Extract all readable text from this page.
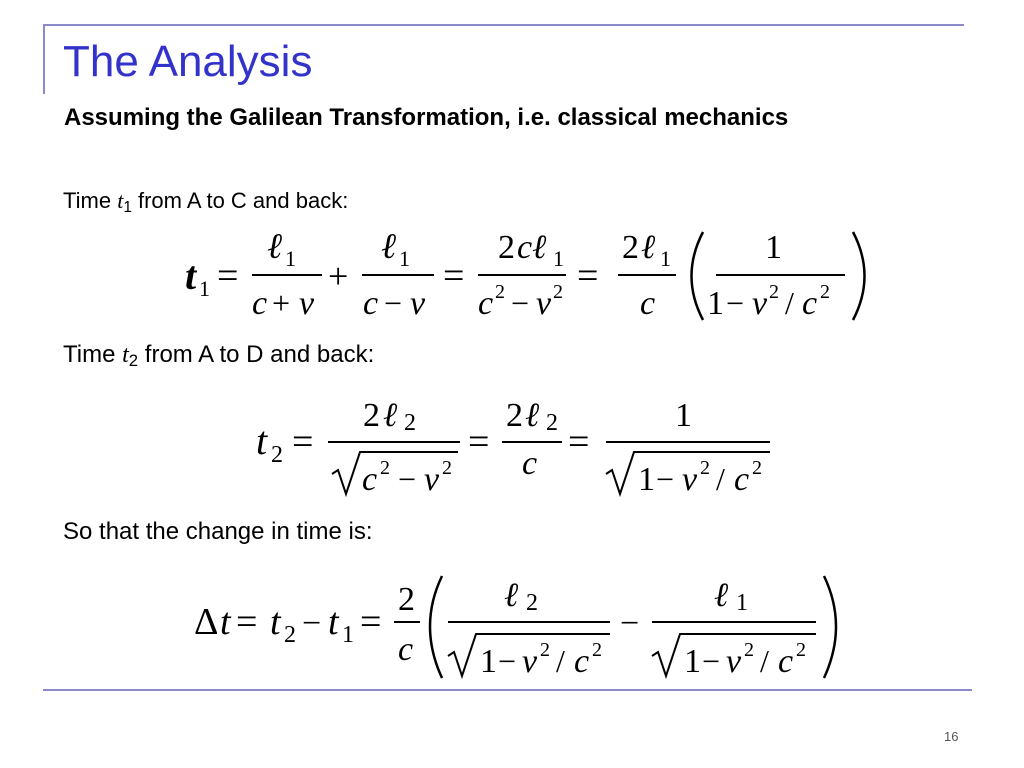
The Analysis
Assuming the Galilean Transformation, i.e. classical mechanics
Time $t_1$ from A to C and back:
t 1 =
ℓ 1
c + v
+
ℓ 1
c − v
=
2 cℓ 1
c 2 − v 2 =
2 ℓ 1
c
1
1 − v 2 / c 2
Time $t_2$ from A to D and back:
t 2 =
2 ℓ 2
c 2 − v 2
=
2 ℓ 2
c
=
1
1 − v 2 / c 2
So that the change in time is:
Δ t = t 2 − t 1 =
2
c
ℓ 2
1 − v 2 / c 2
−
ℓ 1
1 − v 2 / c 2
16
